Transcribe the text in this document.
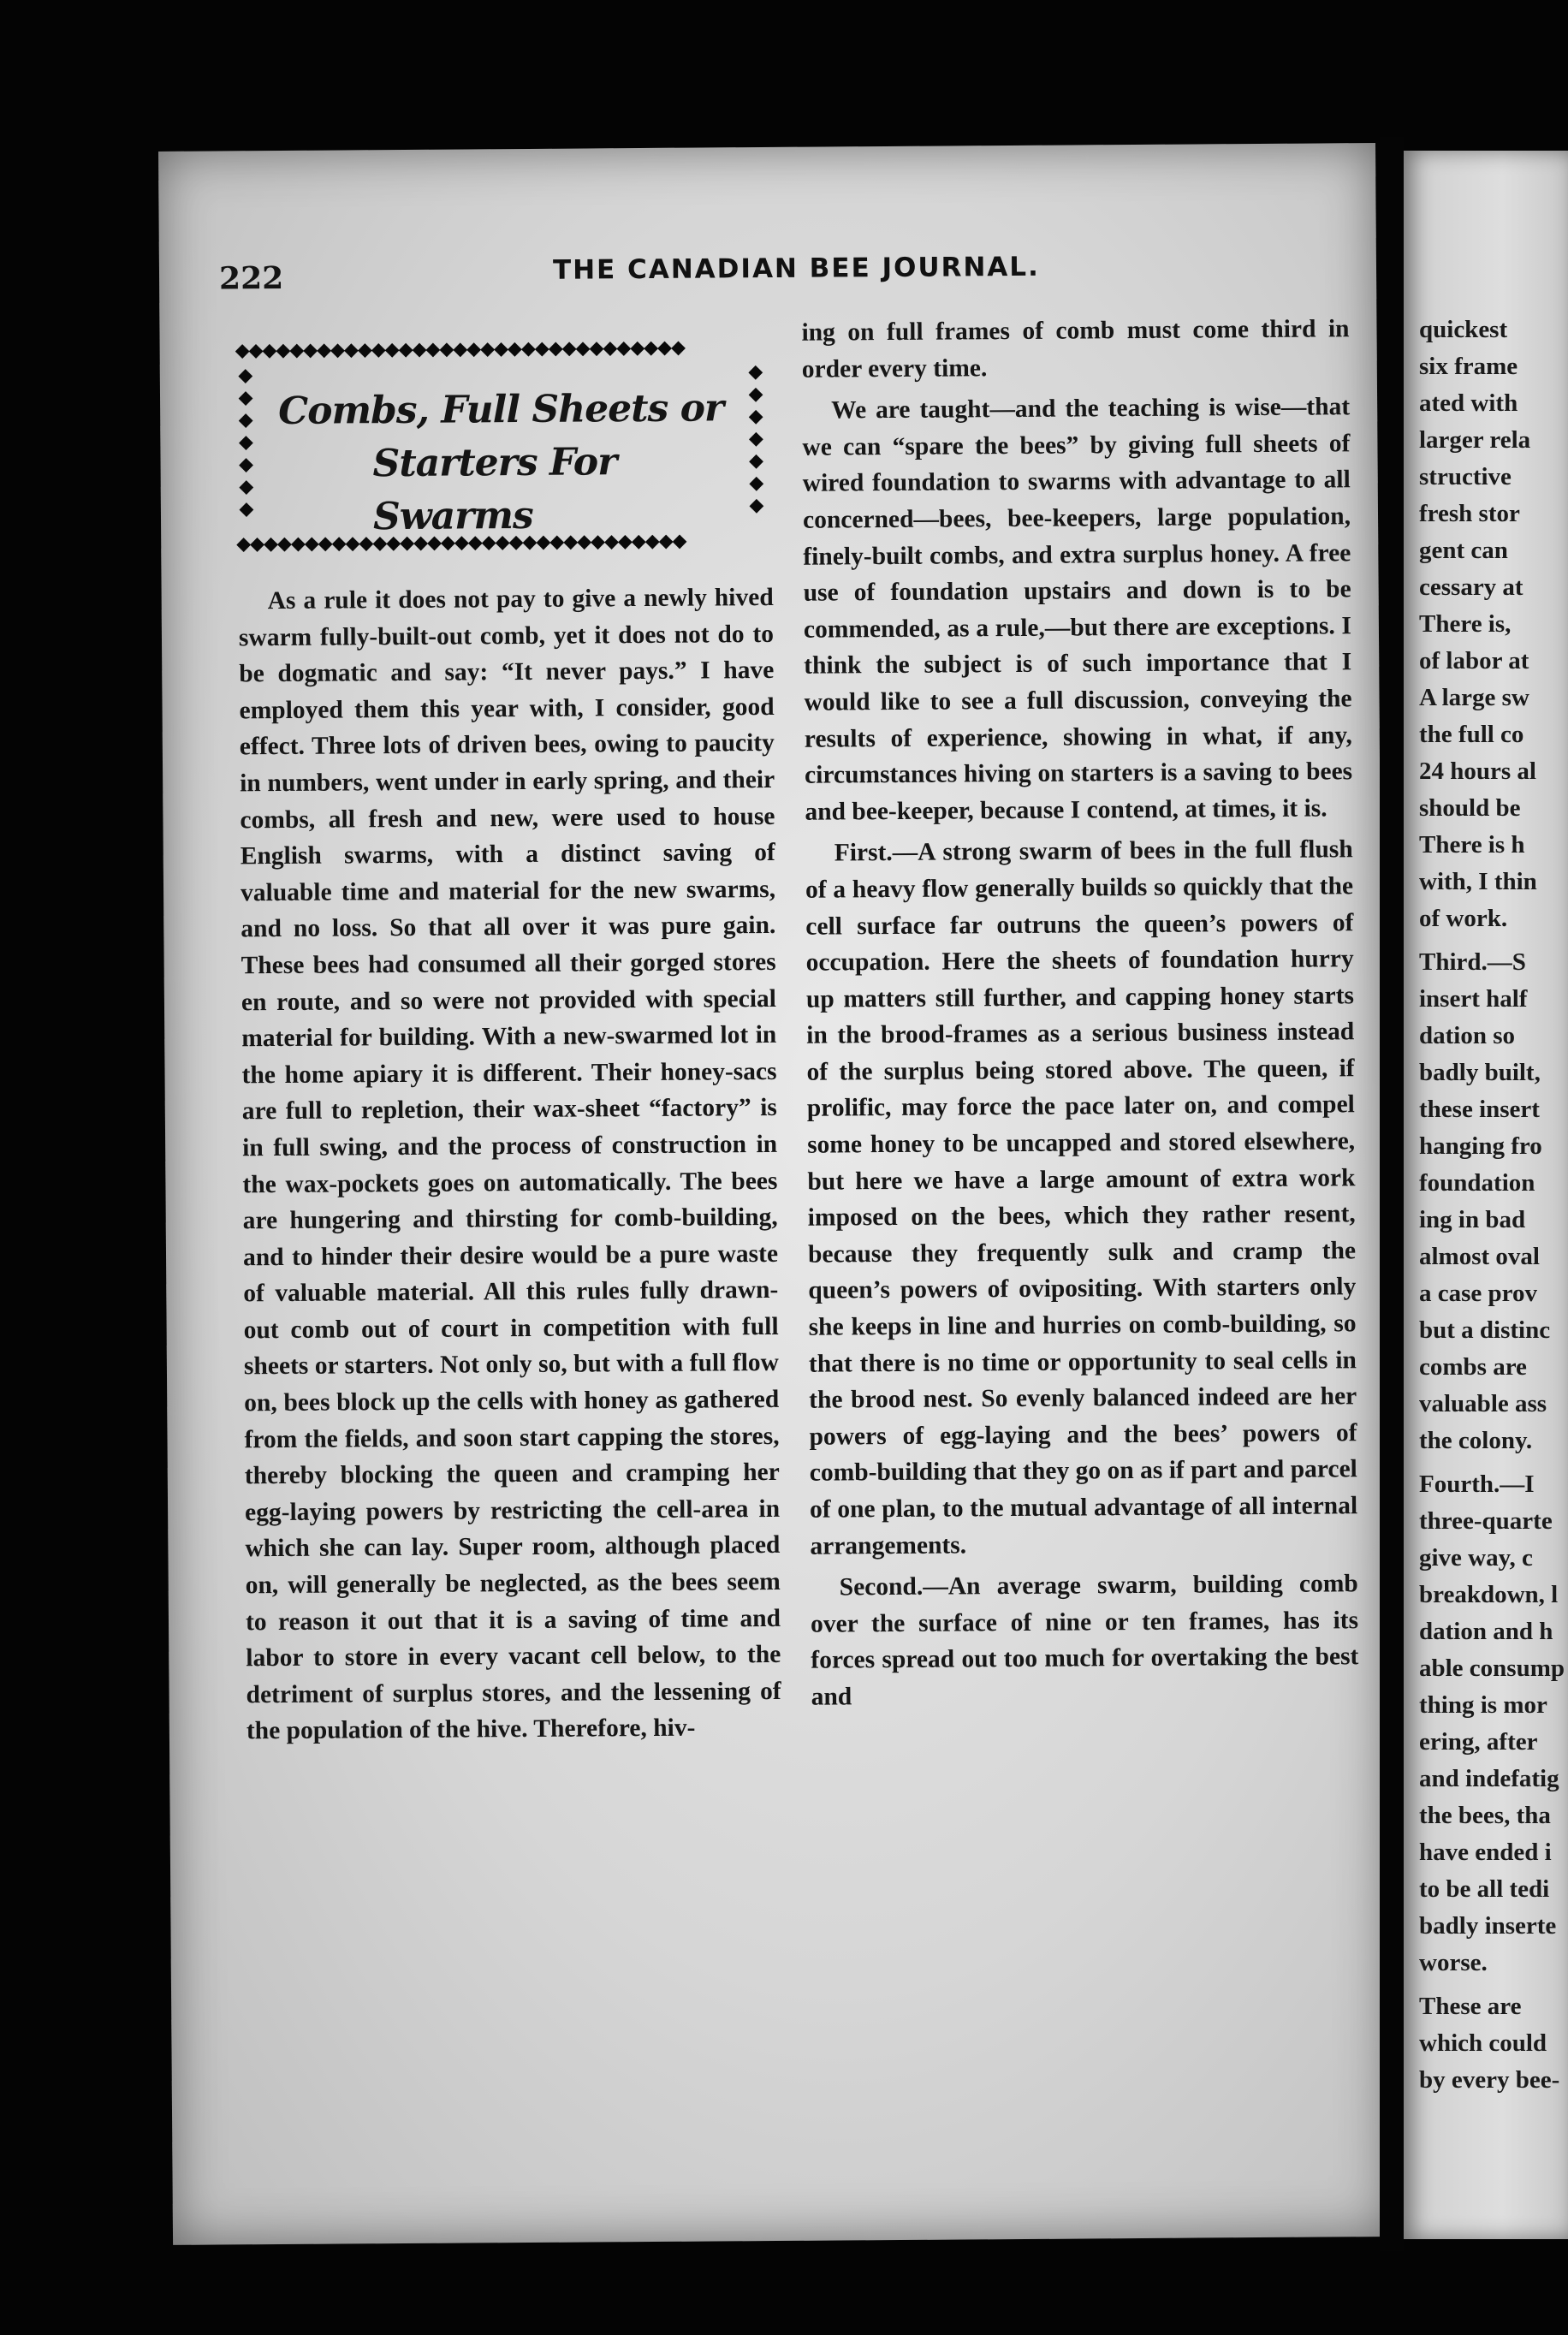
222	THE CANADIAN BEE JOURNAL.
◆◆◆◆◆◆◆◆◆◆◆◆◆◆◆◆◆◆◆◆◆◆◆◆◆◆◆◆◆◆◆◆◆
◆
◆
◆
◆
◆
◆
◆
◆
◆
◆
◆
◆
◆
◆
Combs, Full Sheets or
Starters For Swarms
◆◆◆◆◆◆◆◆◆◆◆◆◆◆◆◆◆◆◆◆◆◆◆◆◆◆◆◆◆◆◆◆◆

As a rule it does not pay to give a newly hived swarm fully-built-out comb, yet it does not do to be dogmatic and say: “It never pays.” I have employed them this year with, I consider, good effect. Three lots of driven bees, owing to paucity in numbers, went under in early spring, and their combs, all fresh and new, were used to house English swarms, with a distinct saving of valuable time and material for the new swarms, and no loss. So that all over it was pure gain. These bees had consumed all their gorged stores en route, and so were not provided with special material for building. With a new-swarmed lot in the home apiary it is different. Their honey-sacs are full to repletion, their wax-sheet “factory” is in full swing, and the process of construction in the wax-pockets goes on automatically. The bees are hungering and thirsting for comb-building, and to hinder their desire would be a pure waste of valuable material. All this rules fully drawn-out comb out of court in competition with full sheets or starters. Not only so, but with a full flow on, bees block up the cells with honey as gathered from the fields, and soon start capping the stores, thereby blocking the queen and cramping her egg-laying powers by restricting the cell-area in which she can lay. Super room, although placed on, will generally be neglected, as the bees seem to reason it out that it is a saving of time and labor to store in every vacant cell below, to the detriment of surplus stores, and the lessening of the population of the hive. Therefore, hiv-

ing on full frames of comb must come third in order every time.

We are taught—and the teaching is wise—that we can “spare the bees” by giving full sheets of wired foundation to swarms with advantage to all concerned—bees, bee-keepers, large population, finely-built combs, and extra surplus honey. A free use of foundation upstairs and down is to be commended, as a rule,—but there are exceptions. I think the subject is of such importance that I would like to see a full discussion, conveying the results of experience, showing in what, if any, circumstances hiving on starters is a saving to bees and bee-keeper, because I contend, at times, it is.

First.—A strong swarm of bees in the full flush of a heavy flow generally builds so quickly that the cell surface far outruns the queen’s powers of occupation. Here the sheets of foundation hurry up matters still further, and capping honey starts in the brood-frames as a serious business instead of the surplus being stored above. The queen, if prolific, may force the pace later on, and compel some honey to be uncapped and stored elsewhere, but here we have a large amount of extra work imposed on the bees, which they rather resent, because they frequently sulk and cramp the queen’s powers of ovipositing. With starters only she keeps in line and hurries on comb-building, so that there is no time or opportunity to seal cells in the brood nest. So evenly balanced indeed are her powers of egg-laying and the bees’ powers of comb-building that they go on as if part and parcel of one plan, to the mutual advantage of all internal arrangements.

Second.—An average swarm, building comb over the surface of nine or ten frames, has its forces spread out too much for overtaking the best and

quickest
six frame
ated with
larger rela
structive
fresh stor
gent can
cessary at
There is,
of labor at
A large sw
the full co
24 hours al
should be
There is h
with, I thin
of work.
Third.—S
insert half
dation so
badly built,
these insert
hanging fro
foundation
ing in bad
almost oval
a case prov
but a distinc
combs are
valuable ass
the colony.
Fourth.—I
three-quarte
give way, c
breakdown, l
dation and h
able consump
thing is mor
ering, after
and indefatig
the bees, tha
have ended i
to be all tedi
badly inserte
worse.
These are
which could
by every bee-
